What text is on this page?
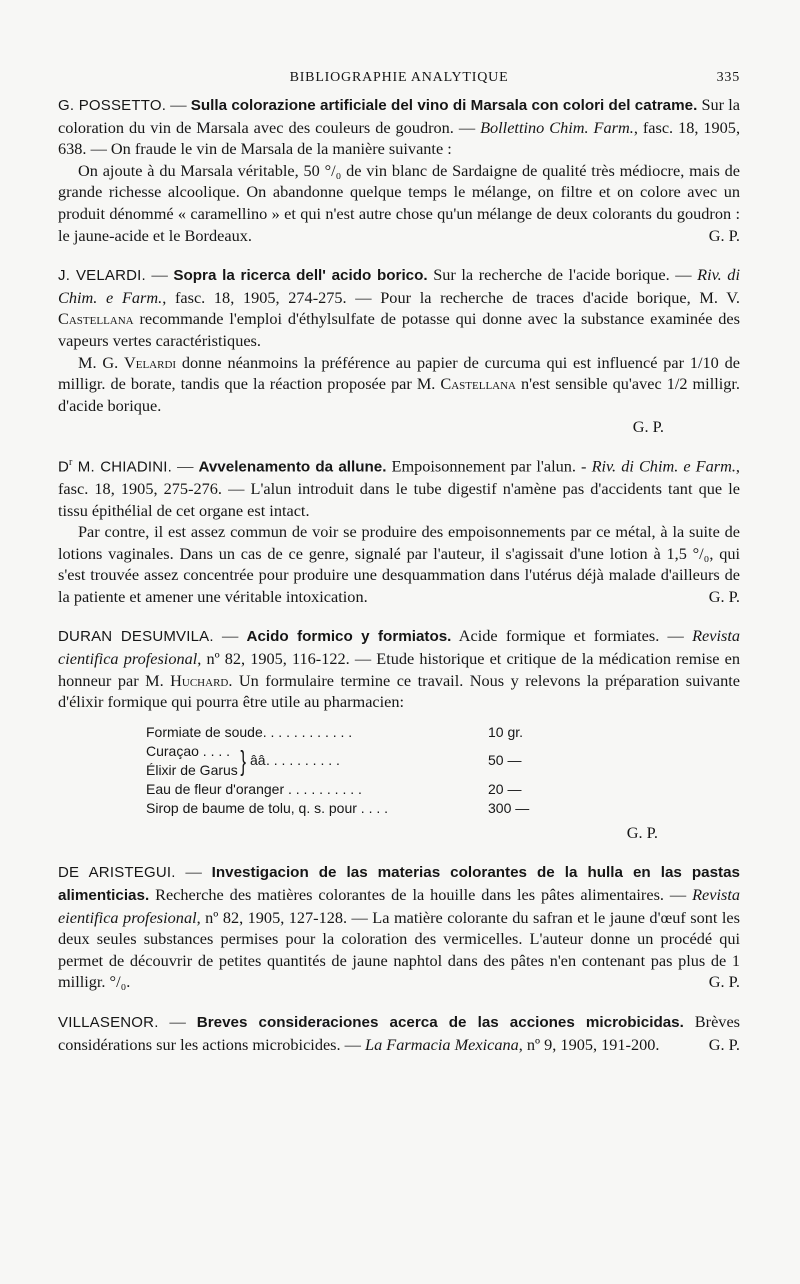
BIBLIOGRAPHIE ANALYTIQUE	335

G. POSSETTO. — Sulla colorazione artificiale del vino di Marsala con colori del catrame. Sur la coloration du vin de Marsala avec des couleurs de goudron. — Bollettino Chim. Farm., fasc. 18, 1905, 638. — On fraude le vin de Marsala de la manière suivante :

On ajoute à du Marsala véritable, 50 °/₀ de vin blanc de Sardaigne de qualité très médiocre, mais de grande richesse alcoolique. On abandonne quelque temps le mélange, on filtre et on colore avec un produit dénommé « caramellino » et qui n'est autre chose qu'un mélange de deux colorants du goudron : le jaune-acide et le Bordeaux.	G. P.

J. VELARDI. — Sopra la ricerca dell' acido borico. Sur la recherche de l'acide borique. — Riv. di Chim. e Farm., fasc. 18, 1905, 274-275. — Pour la recherche de traces d'acide borique, M. V. Castellana recommande l'emploi d'éthylsulfate de potasse qui donne avec la substance examinée des vapeurs vertes caractéristiques.

M. G. Velardi donne néanmoins la préférence au papier de curcuma qui est influencé par 1/10 de milligr. de borate, tandis que la réaction proposée par M. Castellana n'est sensible qu'avec 1/2 milligr. d'acide borique.

G. P.

$D^r$ M. CHIADINI. — Avvelenamento da allune. Empoisonnement par l'alun. - Riv. di Chim. e Farm., fasc. 18, 1905, 275-276. — L'alun introduit dans le tube digestif n'amène pas d'accidents tant que le tissu épithélial de cet organe est intact.

Par contre, il est assez commun de voir se produire des empoisonnements par ce métal, à la suite de lotions vaginales. Dans un cas de ce genre, signalé par l'auteur, il s'agissait d'une lotion à 1,5 °/₀, qui s'est trouvée assez concentrée pour produire une desquammation dans l'utérus déjà malade d'ailleurs de la patiente et amener une véritable intoxication.	G. P.

DURAN DESUMVILA. — Acido formico y formiatos. Acide formique et formiates. — Revista cientifica profesional, nº 82, 1905, 116-122. — Etude historique et critique de la médication remise en honneur par M. Huchard. Un formulaire termine ce travail. Nous y relevons la préparation suivante d'élixir formique qui pourra être utile au pharmacien:

Formiate de soude. . . . . . . . . . . .	10 gr.
Curaçao . . . .
Élixir de Garus } ââ . . . . . . . . . .	50 —
Eau de fleur d'oranger . . . . . . . . . .	20 —
Sirop de baume de tolu, q. s. pour . . . .	300 —
G. P.

DE ARISTEGUI. — Investigacion de las materias colorantes de la hulla en las pastas alimenticias. Recherche des matières colorantes de la houille dans les pâtes alimentaires. — Revista eientifica profesional, nº 82, 1905, 127-128. — La matière colorante du safran et le jaune d'œuf sont les deux seules substances permises pour la coloration des vermicelles. L'auteur donne un procédé qui permet de découvrir de petites quantités de jaune naphtol dans des pâtes n'en contenant pas plus de 1 milligr. °/₀.	G. P.

VILLASENOR. — Breves consideraciones acerca de las acciones microbicidas. Brèves considérations sur les actions microbicides. — La Farmacia Mexicana, nº 9, 1905, 191-200.	G. P.
